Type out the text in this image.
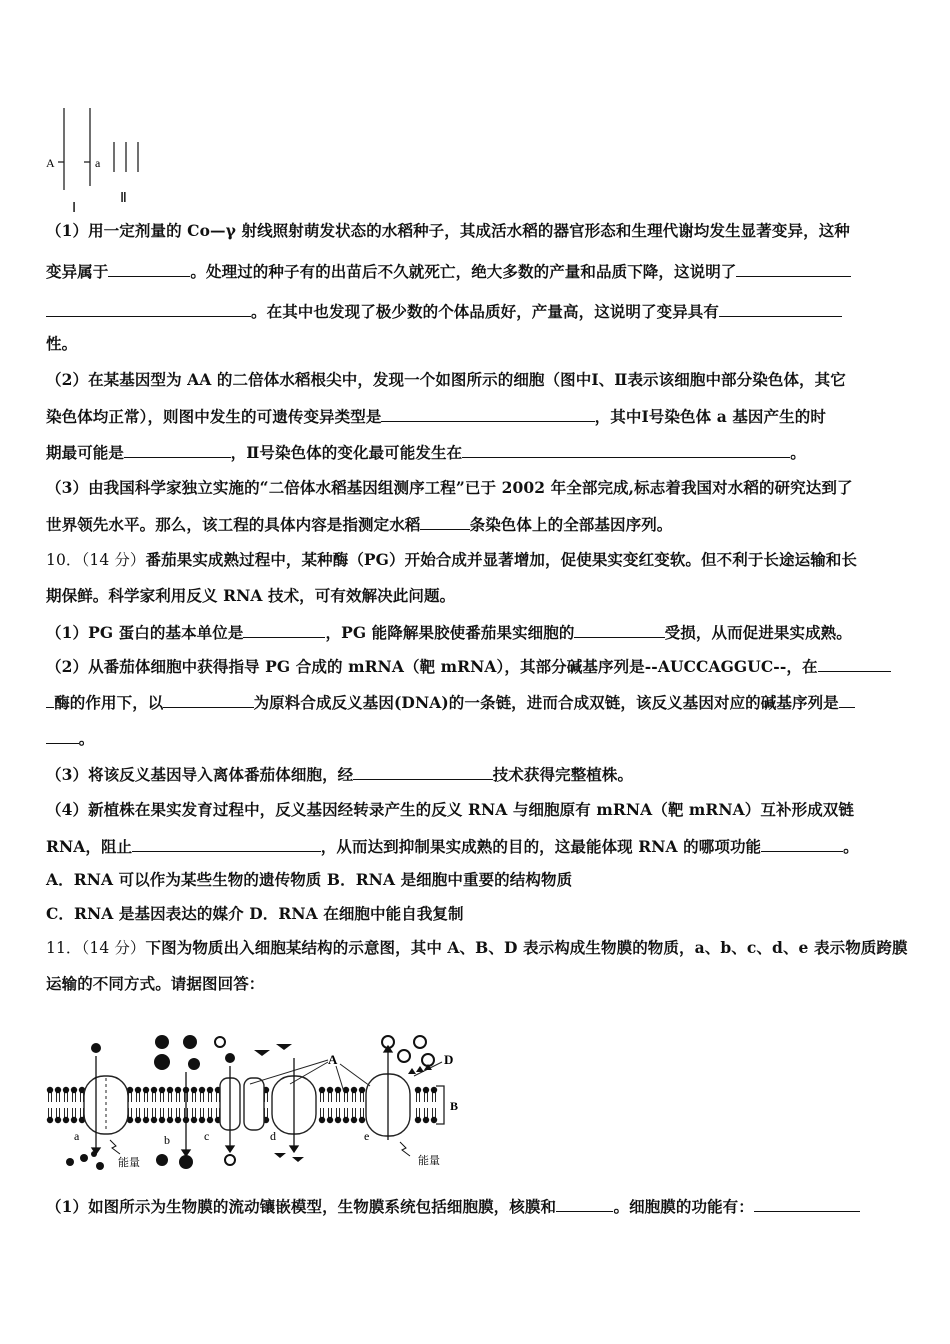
A	a
Ⅰ
Ⅱ
（1）用一定剂量的 Co—γ 射线照射萌发状态的水稻种子，其成活水稻的器官形态和生理代谢均发生显著变异，这种
变异属于	。处理过的种子有的出苗后不久就死亡，绝大多数的产量和品质下降，这说明了
。在其中也发现了极少数的个体品质好，产量高，这说明了变异具有
性。
（2）在某基因型为 AA 的二倍体水稻根尖中，发现一个如图所示的细胞（图中Ⅰ、Ⅱ表示该细胞中部分染色体，其它
染色体均正常），则图中发生的可遗传变异类型是	，其中Ⅰ号染色体 a 基因产生的时
期最可能是	，Ⅱ号染色体的变化最可能发生在	。
（3）由我国科学家独立实施的“二倍体水稻基因组测序工程”已于 2002 年全部完成,标志着我国对水稻的研究达到了
世界领先水平。那么，该工程的具体内容是指测定水稻	条染色体上的全部基因序列。
10．（14 分）番茄果实成熟过程中，某种酶（PG）开始合成并显著增加，促使果实变红变软。但不利于长途运输和长
期保鲜。科学家利用反义 RNA 技术，可有效解决此问题。
（1）PG 蛋白的基本单位是	，PG 能降解果胶使番茄果实细胞的	受损，从而促进果实成熟。
（2）从番茄体细胞中获得指导 PG 合成的 mRNA（靶 mRNA），其部分碱基序列是--AUCCAGGUC--，在
酶的作用下，以	为原料合成反义基因(DNA)的一条链，进而合成双链，该反义基因对应的碱基序列是
。
（3）将该反义基因导入离体番茄体细胞，经	技术获得完整植株。
（4）新植株在果实发育过程中，反义基因经转录产生的反义 RNA 与细胞原有 mRNA（靶 mRNA）互补形成双链
RNA，阻止	，从而达到抑制果实成熟的目的，这最能体现 RNA 的哪项功能	。
A．RNA 可以作为某些生物的遗传物质 B．RNA 是细胞中重要的结构物质
C．RNA 是基因表达的媒介 D．RNA 在细胞中能自我复制
11．（14 分）下图为物质出入细胞某结构的示意图，其中 A、B、D 表示构成生物膜的物质，a、b、c、d、e 表示物质跨膜
运输的不同方式。请据图回答：
（1）如图所示为生物膜的流动镶嵌模型，生物膜系统包括细胞膜，核膜和	。细胞膜的功能有：
B
A	D
a	b	c	d	e
能量	能量
